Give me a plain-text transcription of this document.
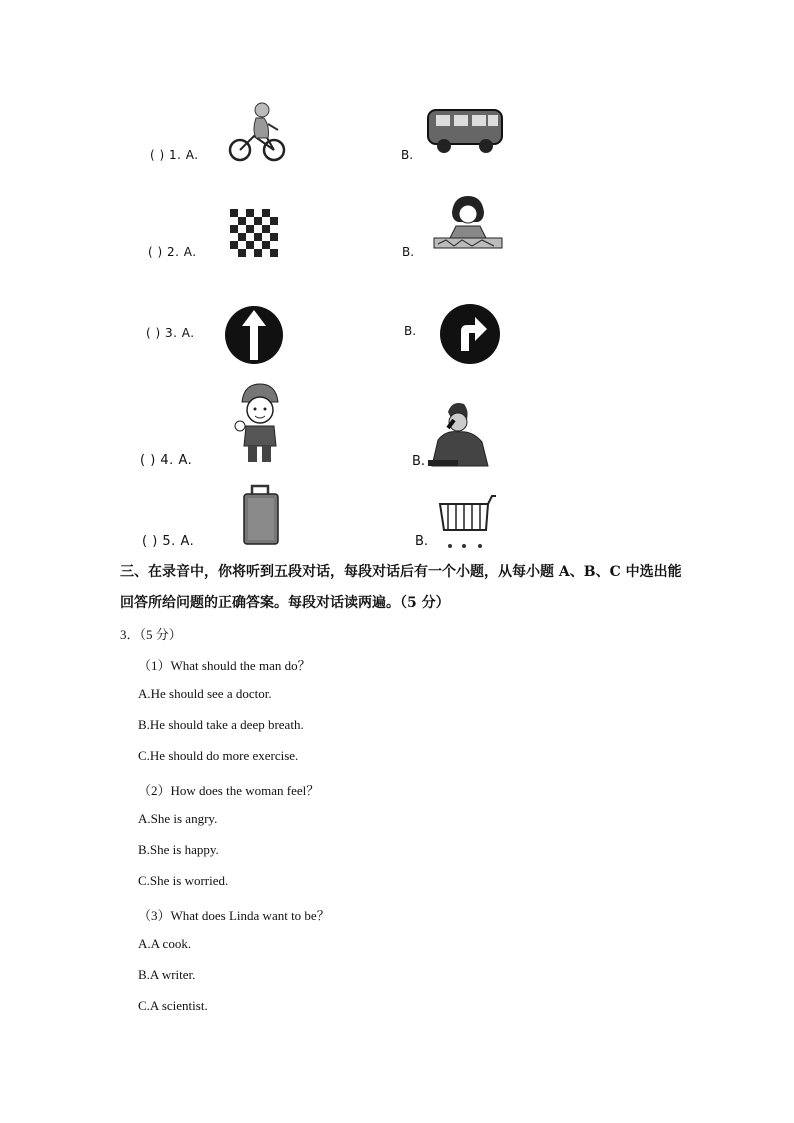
( ) 1. A.	B.
( ) 2. A.	B.
( ) 3. A.	B.
( ) 4. A.	B.
( ) 5. A.	B.
三、在录音中，你将听到五段对话，每段对话后有一个小题，从每小题 A、B、C 中选出能
回答所给问题的正确答案。每段对话读两遍。（5 分）
3．（5 分）
（1）What should the man do？
A.He should see a doctor.
B.He should take a deep breath.
C.He should do more exercise.
（2）How does the woman feel？
A.She is angry.
B.She is happy.
C.She is worried.
（3）What does Linda want to be？
A.A cook.
B.A writer.
C.A scientist.
